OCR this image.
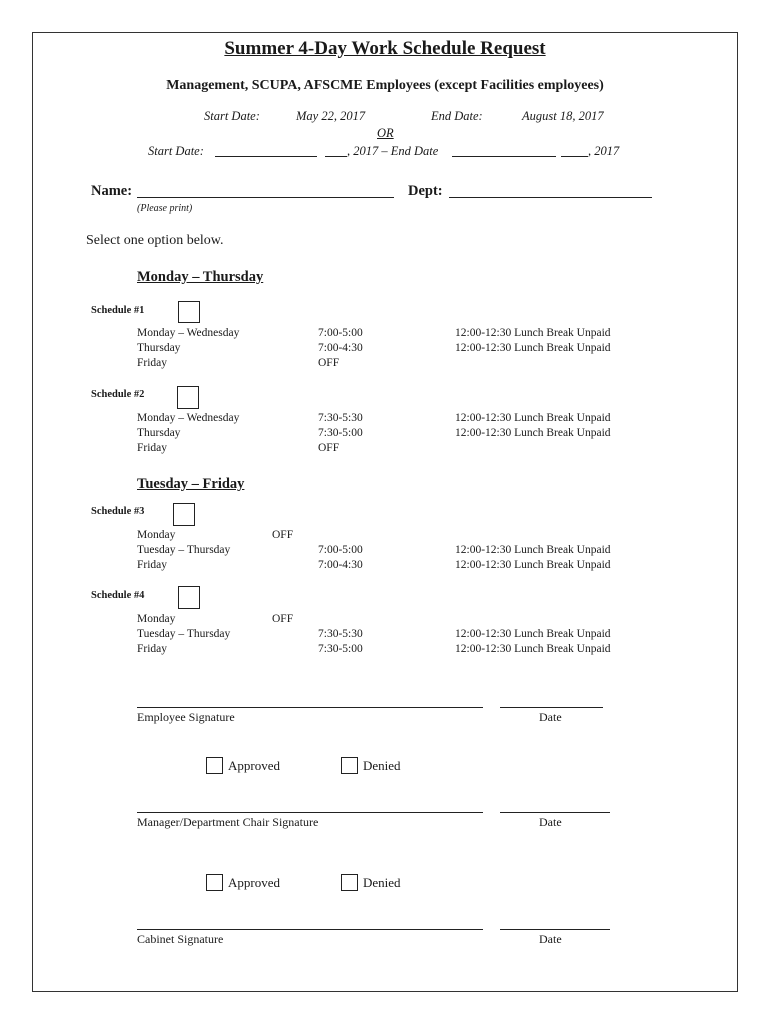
Summer 4-Day Work Schedule Request
Management, SCUPA, AFSCME Employees (except Facilities employees)
Start Date:	May 22, 2017	End Date:	August 18, 2017
OR
Start Date:	, 2017 – End Date	, 2017
Name:	Dept:
(Please print)
Select one option below.
Monday – Thursday
Schedule #1
Monday – Wednesday	7:00-5:00	12:00-12:30 Lunch Break Unpaid
Thursday	7:00-4:30	12:00-12:30 Lunch Break Unpaid
Friday	OFF
Schedule #2
Monday – Wednesday	7:30-5:30	12:00-12:30 Lunch Break Unpaid
Thursday	7:30-5:00	12:00-12:30 Lunch Break Unpaid
Friday	OFF
Tuesday – Friday
Schedule #3
Monday	OFF
Tuesday – Thursday	7:00-5:00	12:00-12:30 Lunch Break Unpaid
Friday	7:00-4:30	12:00-12:30 Lunch Break Unpaid
Schedule #4
Monday	OFF
Tuesday – Thursday	7:30-5:30	12:00-12:30 Lunch Break Unpaid
Friday	7:30-5:00	12:00-12:30 Lunch Break Unpaid
Employee Signature	Date
Approved	Denied
Manager/Department Chair Signature	Date
Approved	Denied
Cabinet Signature	Date
